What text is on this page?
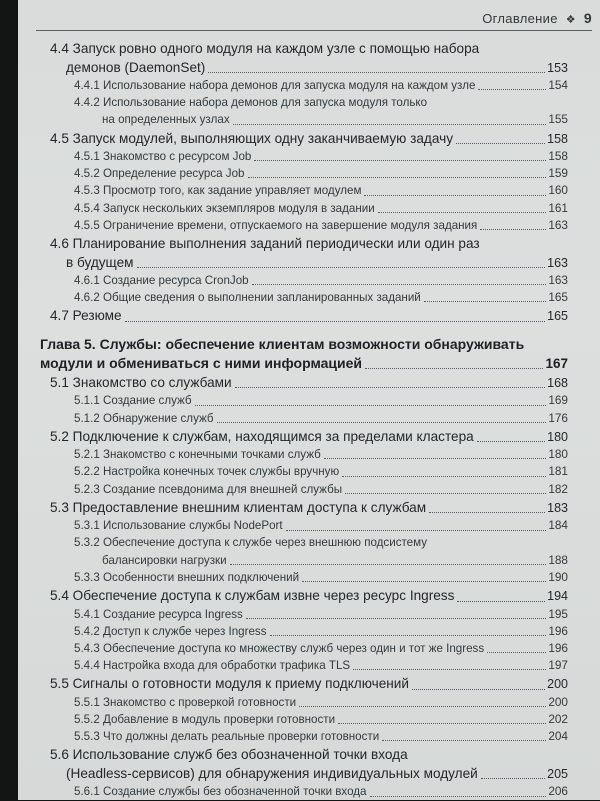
Оглавление ❖ 9
4.4 Запуск ровно одного модуля на каждом узле с помощью набора
демонов (DaemonSet)	153
4.4.1 Использование набора демонов для запуска модуля на каждом узле	154
4.4.2 Использование набора демонов для запуска модуля только
на определенных узлах	155
4.5 Запуск модулей, выполняющих одну заканчиваемую задачу	158
4.5.1 Знакомство с ресурсом Job	158
4.5.2 Определение ресурса Job	159
4.5.3 Просмотр того, как задание управляет модулем	160
4.5.4 Запуск нескольких экземпляров модуля в задании	161
4.5.5 Ограничение времени, отпускаемого на завершение модуля задания	163
4.6 Планирование выполнения заданий периодически или один раз
в будущем	163
4.6.1 Создание ресурса CronJob	163
4.6.2 Общие сведения о выполнении запланированных заданий	165
4.7 Резюме	165
Глава 5. Службы: обеспечение клиентам возможности обнаруживать
модули и обмениваться с ними информацией	167
5.1 Знакомство со службами	168
5.1.1 Создание служб	169
5.1.2 Обнаружение служб	176
5.2 Подключение к службам, находящимся за пределами кластера	180
5.2.1 Знакомство с конечными точками служб	180
5.2.2 Настройка конечных точек службы вручную	181
5.2.3 Создание псевдонима для внешней службы	182
5.3 Предоставление внешним клиентам доступа к службам	183
5.3.1 Использование службы NodePort	184
5.3.2 Обеспечение доступа к службе через внешнюю подсистему
балансировки нагрузки	188
5.3.3 Особенности внешних подключений	190
5.4 Обеспечение доступа к службам извне через ресурс Ingress	194
5.4.1 Создание ресурса Ingress	195
5.4.2 Доступ к службе через Ingress	196
5.4.3 Обеспечение доступа ко множеству служб через один и тот же Ingress	196
5.4.4 Настройка входа для обработки трафика TLS	197
5.5 Сигналы о готовности модуля к приему подключений	200
5.5.1 Знакомство с проверкой готовности	200
5.5.2 Добавление в модуль проверки готовности	202
5.5.3 Что должны делать реальные проверки готовности	204
5.6 Использование служб без обозначенной точки входа
(Headless-сервисов) для обнаружения индивидуальных модулей	205
5.6.1 Создание службы без обозначенной точки входа	206
